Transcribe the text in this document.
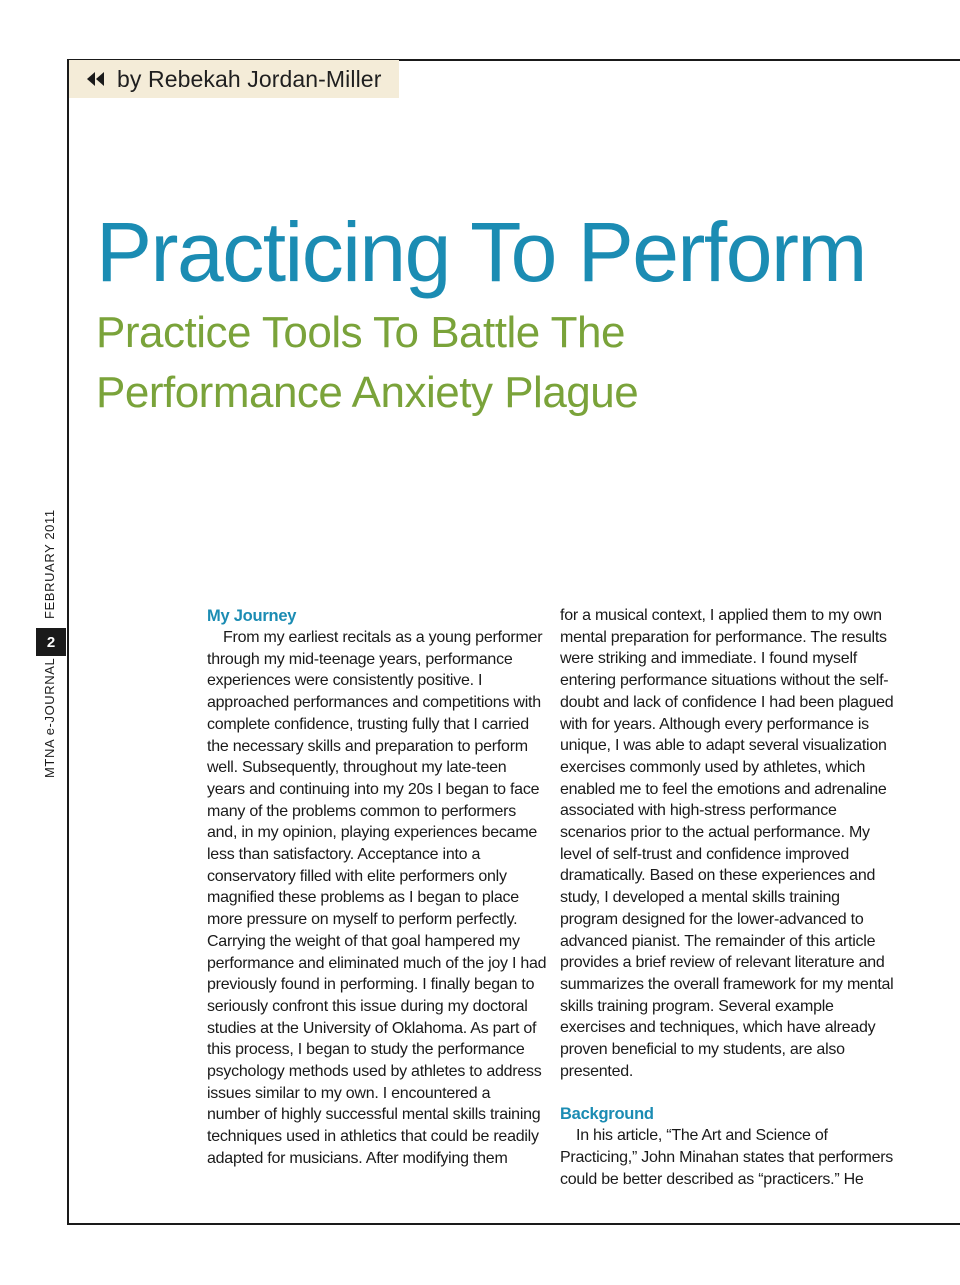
by Rebekah Jordan-Miller
Practicing To Perform
Practice Tools To Battle The
Performance Anxiety Plague
FEBRUARY 2011
2
MTNA e-JOURNAL

My Journey

From my earliest recitals as a young performer through my mid-teenage years, performance experiences were consistently positive. I approached performances and competitions with complete confidence, trusting fully that I carried the necessary skills and preparation to perform well. Subsequently, throughout my late-teen years and continuing into my 20s I began to face many of the problems common to performers and, in my opinion, playing experiences became less than satisfactory. Acceptance into a conservatory filled with elite performers only magnified these problems as I began to place more pressure on myself to perform perfectly. Carrying the weight of that goal hampered my performance and eliminated much of the joy I had previously found in performing. I finally began to seriously confront this issue during my doctoral studies at the University of Oklahoma. As part of this process, I began to study the performance psychology methods used by athletes to address issues similar to my own. I encountered a number of highly successful mental skills training techniques used in athletics that could be readily adapted for musicians. After modifying them

for a musical context, I applied them to my own mental preparation for performance. The results were striking and immediate. I found myself entering performance situations without the self-doubt and lack of confidence I had been plagued with for years. Although every performance is unique, I was able to adapt several visualization exercises commonly used by athletes, which enabled me to feel the emotions and adrenaline associated with high-stress performance scenarios prior to the actual performance. My level of self-trust and confidence improved dramatically. Based on these experiences and study, I developed a mental skills training program designed for the lower-advanced to advanced pianist. The remainder of this article provides a brief review of relevant literature and summarizes the overall framework for my mental skills training program. Several example exercises and techniques, which have already proven beneficial to my students, are also presented.

Background

In his article, “The Art and Science of Practicing,” John Minahan states that performers could be better described as “practicers.” He
